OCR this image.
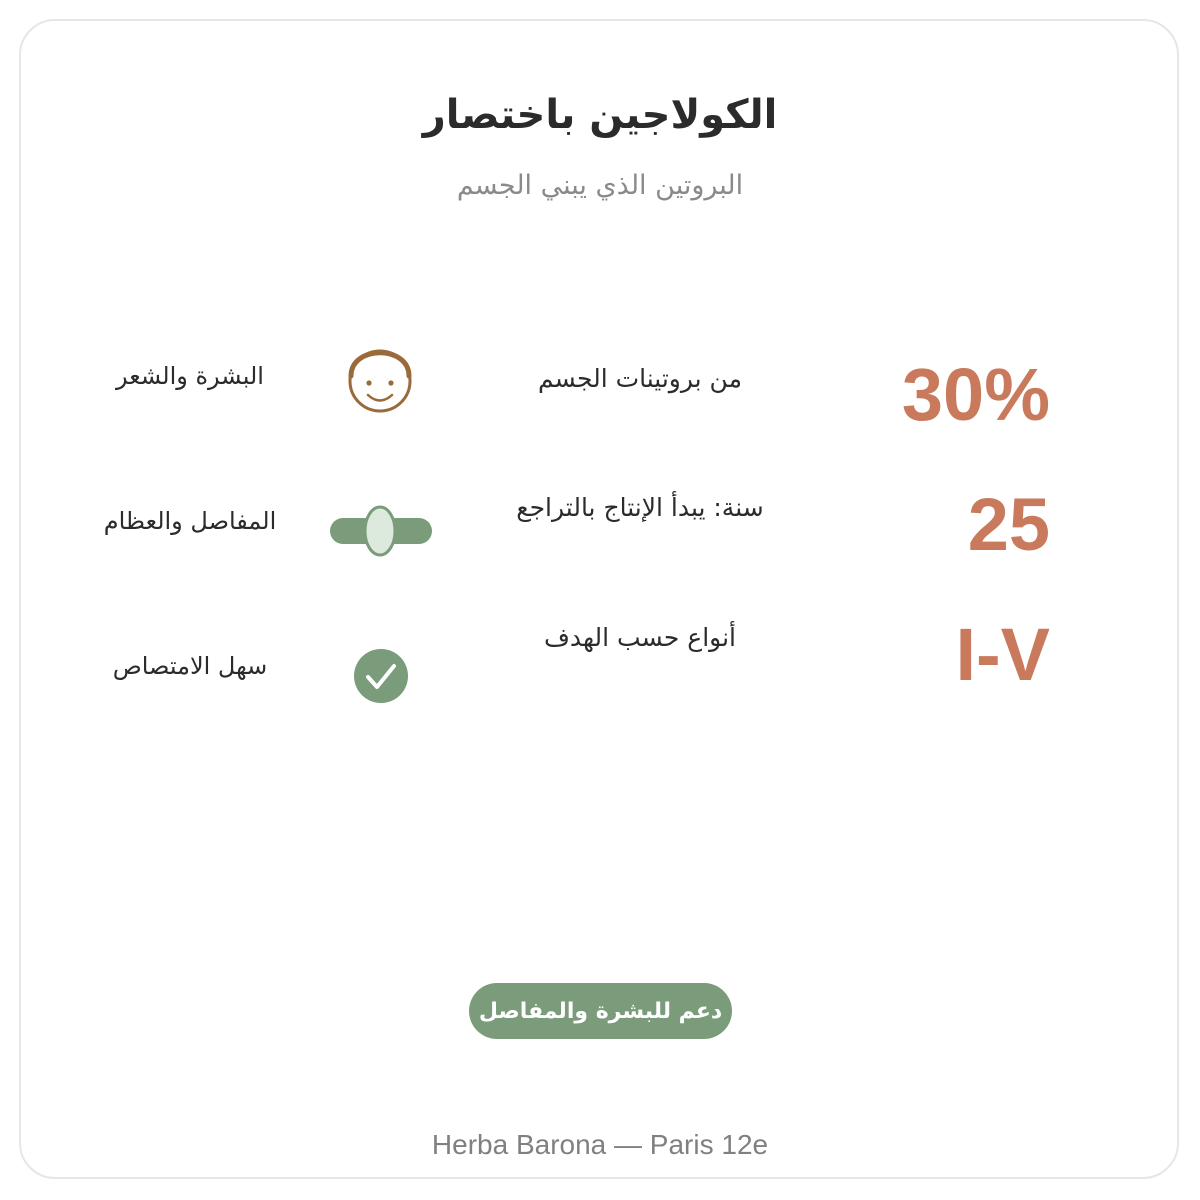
الكولاجين باختصار
البروتين الذي يبني الجسم
30%
من بروتينات الجسم
25
سنة: يبدأ الإنتاج بالتراجع
I-V
أنواع حسب الهدف
البشرة والشعر
المفاصل والعظام
سهل الامتصاص
دعم للبشرة والمفاصل
Herba Barona — Paris 12e
